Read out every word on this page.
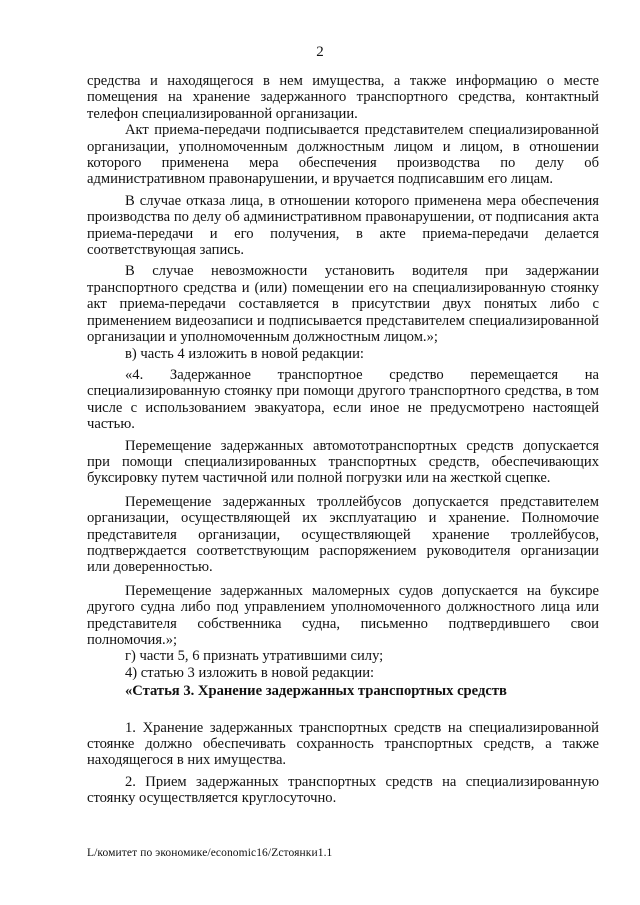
2

средства и находящегося в нем имущества, а также информацию о месте помещения на хранение задержанного транспортного средства, контактный телефон специализированной организации.

Акт приема-передачи подписывается представителем специализированной организации, уполномоченным должностным лицом и лицом, в отношении которого применена мера обеспечения производства по делу об административном правонарушении, и вручается подписавшим его лицам.

В случае отказа лица, в отношении которого применена мера обеспечения производства по делу об административном правонарушении, от подписания акта приема-передачи и его получения, в акте приема-передачи делается соответствующая запись.

В случае невозможности установить водителя при задержании транспортного средства и (или) помещении его на специализированную стоянку акт приема-передачи составляется в присутствии двух понятых либо с применением видеозаписи и подписывается представителем специализированной организации и уполномоченным должностным лицом.»;

в) часть 4 изложить в новой редакции:

«4. Задержанное транспортное средство перемещается на специализированную стоянку при помощи другого транспортного средства, в том числе с использованием эвакуатора, если иное не предусмотрено настоящей частью.

Перемещение задержанных автомототранспортных средств допускается при помощи специализированных транспортных средств, обеспечивающих буксировку путем частичной или полной погрузки или на жесткой сцепке.

Перемещение задержанных троллейбусов допускается представителем организации, осуществляющей их эксплуатацию и хранение. Полномочие представителя организации, осуществляющей хранение троллейбусов, подтверждается соответствующим распоряжением руководителя организации или доверенностью.

Перемещение задержанных маломерных судов допускается на буксире другого судна либо под управлением уполномоченного должностного лица или представителя собственника судна, письменно подтвердившего свои полномочия.»;

г) части 5, 6 признать утратившими силу;

4) статью 3 изложить в новой редакции:

«Статья 3. Хранение задержанных транспортных средств

1. Хранение задержанных транспортных средств на специализированной стоянке должно обеспечивать сохранность транспортных средств, а также находящегося в них имущества.

2. Прием задержанных транспортных средств на специализированную стоянку осуществляется круглосуточно.

L/комитет по экономике/economic16/Zстоянки1.1
